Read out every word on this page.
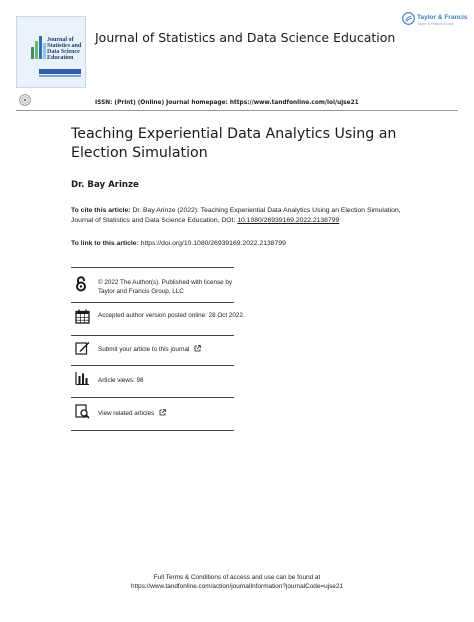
Journal of Statistics and Data Science Education
Journal of Statistics and Data Science Education
Taylor & Francis
Taylor & Francis Group
ISSN: (Print) (Online) Journal homepage: https://www.tandfonline.com/loi/ujse21
Teaching Experiential Data Analytics Using an Election Simulation
Dr. Bay Arinze
To cite this article: Dr. Bay Arinze (2022): Teaching Experiential Data Analytics Using an Election Simulation, Journal of Statistics and Data Science Education, DOI: 10.1080/26939169.2022.2138799
To link to this article: https://doi.org/10.1080/26939169.2022.2138799
© 2022 The Author(s). Published with license by Taylor and Francis Group, LLC
Accepted author version posted online: 28 Oct 2022.
Submit your article to this journal
Article views: 98
View related articles
Full Terms & Conditions of access and use can be found at
https://www.tandfonline.com/action/journalInformation?journalCode=ujse21
